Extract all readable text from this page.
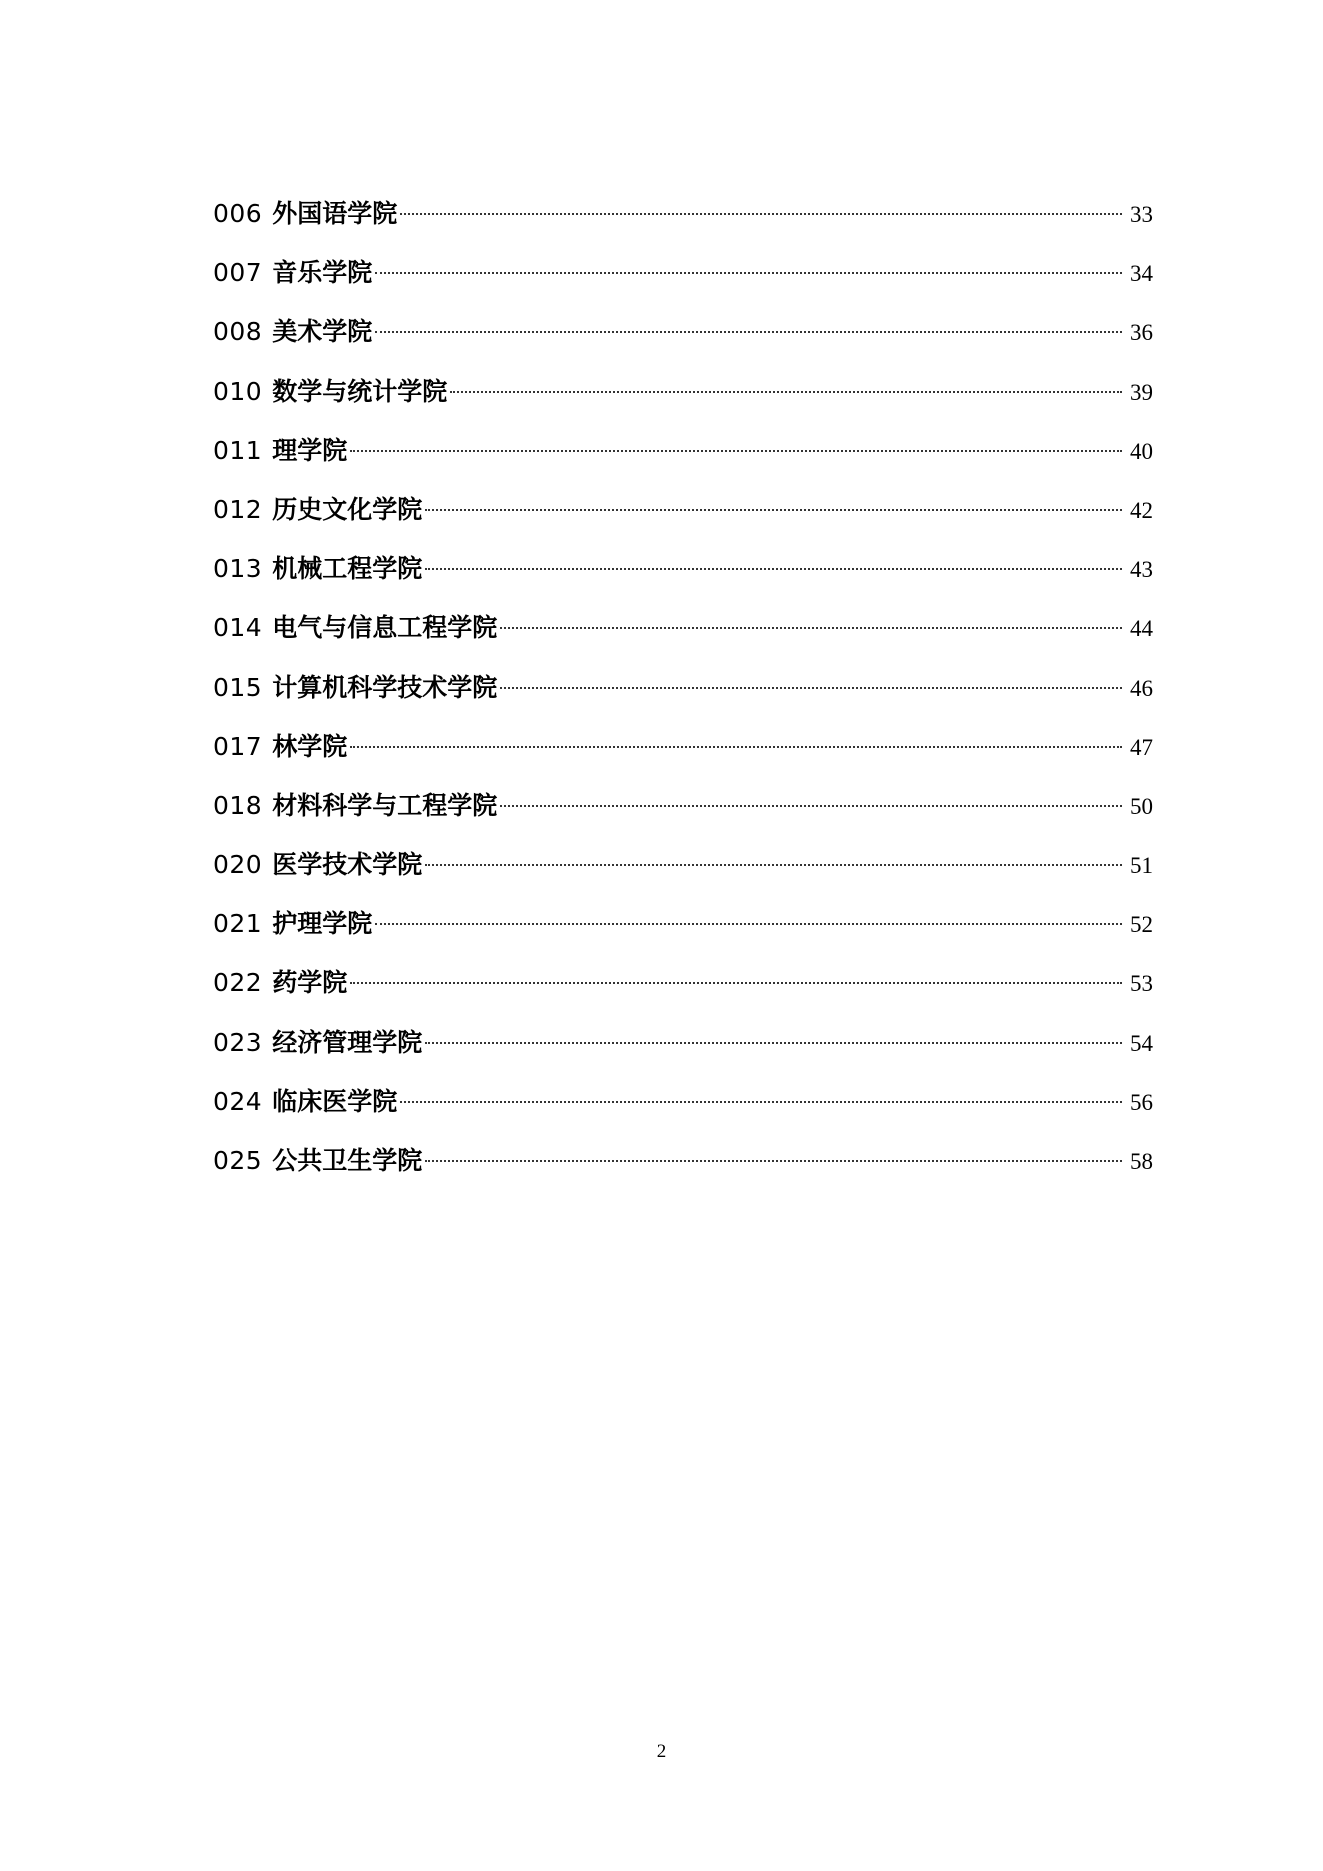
006 外国语学院	33
007 音乐学院	34
008 美术学院	36
010 数学与统计学院	39
011 理学院	40
012 历史文化学院	42
013 机械工程学院	43
014 电气与信息工程学院	44
015 计算机科学技术学院	46
017 林学院	47
018 材料科学与工程学院	50
020 医学技术学院	51
021 护理学院	52
022 药学院	53
023 经济管理学院	54
024 临床医学院	56
025 公共卫生学院	58
2
